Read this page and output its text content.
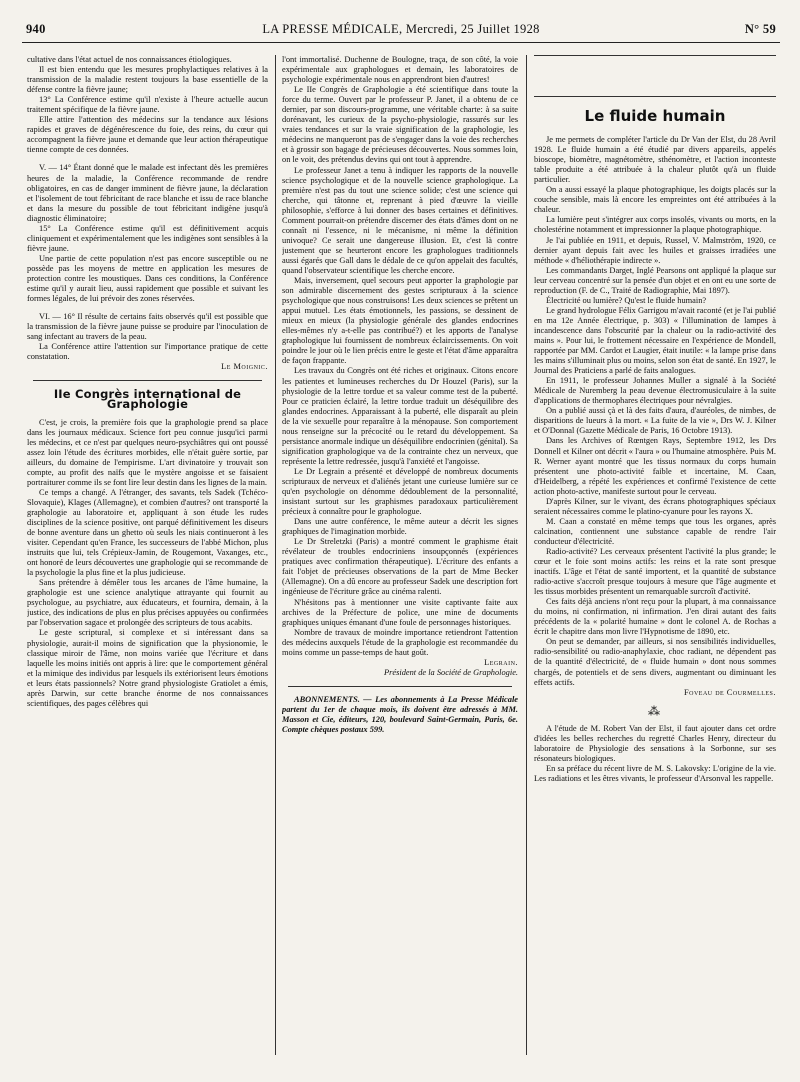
940	LA PRESSE MÉDICALE, Mercredi, 25 Juillet 1928	N° 59

cultative dans l'état actuel de nos connaissances étiologiques.

Il est bien entendu que les mesures prophylactiques relatives à la transmission de la maladie restent toujours la base essentielle de la défense contre la fièvre jaune;

13° La Conférence estime qu'il n'existe à l'heure actuelle aucun traitement spécifique de la fièvre jaune.

Elle attire l'attention des médecins sur la tendance aux lésions rapides et graves de dégénérescence du foie, des reins, du cœur qui accompagnent la fièvre jaune et demande que leur action thérapeutique tienne compte de ces données.

V. — 14° Étant donné que le malade est infectant dès les premières heures de la maladie, la Conférence recommande de rendre obligatoires, en cas de danger imminent de fièvre jaune, la déclaration et l'isolement de tout fébricitant de race blanche et issu de race blanche et dans la mesure du possible de tout fébricitant indigène jusqu'à diagnostic éliminatoire;

15° La Conférence estime qu'il est définitivement acquis cliniquement et expérimentalement que les indigènes sont sensibles à la fièvre jaune.

Une partie de cette population n'est pas encore susceptible ou ne possède pas les moyens de mettre en application les mesures de protection contre les moustiques. Dans ces conditions, la Conférence estime qu'il y aurait lieu, aussi rapidement que possible et suivant les formes légales, de lui prévoir des zones réservées.

VI. — 16° Il résulte de certains faits observés qu'il est possible que la transmission de la fièvre jaune puisse se produire par l'inoculation de sang infectant au travers de la peau.

La Conférence attire l'attention sur l'importance pratique de cette constatation.

Le Moignic.
IIe Congrès international de Graphologie

C'est, je crois, la première fois que la graphologie prend sa place dans les journaux médicaux. Science fort peu connue jusqu'ici parmi les médecins, et ce n'est par quelques neuro-psychiâtres qui ont poussé assez loin l'étude des écritures morbides, elle n'était guère sortie, par ailleurs, du domaine de l'empirisme. L'art divinatoire y trouvait son compte, au profit des naïfs que le mystère angoisse et se faisaient portraiturer comme ils se font lire leur destin dans les lignes de la main.

Ce temps a changé. A l'étranger, des savants, tels Sadek (Tchéco-Slovaquie), Klages (Allemagne), et combien d'autres? ont transporté la graphologie au laboratoire et, appliquant à son étude les rudes disciplines de la science positive, ont parqué définitivement les diseurs de bonne aventure dans un ghetto où seuls les niais continueront à les visiter. Cependant qu'en France, les successeurs de l'abbé Michon, plus instruits que lui, tels Crépieux-Jamin, de Rougemont, Vaxanges, etc., ont honoré de leurs découvertes une graphologie qui se recommande de la psychologie la plus fine et la plus judicieuse.

Sans prétendre à démêler tous les arcanes de l'âme humaine, la graphologie est une science analytique attrayante qui fournit au psychologue, au psychiatre, aux éducateurs, et fournira, demain, à la justice, des indications de plus en plus précises appuyées ou confirmées par l'observation sagace et prolongée des scripteurs de tous acabits.

Le geste scriptural, si complexe et si intéressant dans sa physiologie, aurait-il moins de signification que la physionomie, le classique miroir de l'âme, non moins variée que l'écriture et dans laquelle les moins initiés ont appris à lire: que le comportement général et la mimique des individus par lesquels ils extériorisent leurs émotions et leurs états passionnels? Notre grand physiologiste Gratiolet a émis, après Darwin, sur cette branche énorme de nos connaissances scientifiques, des pages célèbres qui

l'ont immortalisé. Duchenne de Boulogne, traça, de son côté, la voie expérimentale aux graphologues et demain, les laboratoires de psychologie expérimentale nous en apprendront bien d'autres!

Le IIe Congrès de Graphologie a été scientifique dans toute la force du terme. Ouvert par le professeur P. Janet, il a obtenu de ce dernier, par son discours-programme, une véritable charte: à sa suite dorénavant, les curieux de la psycho-physiologie, rassurés sur les vraies tendances et sur la vraie signification de la graphologie, les médecins ne manqueront pas de s'engager dans la voie des recherches et à grossir son bagage de précieuses découvertes. Nous sommes loin, on le voit, des prétendus devins qui ont tout à apprendre.

Le professeur Janet a tenu à indiquer les rapports de la nouvelle science psychologique et de la nouvelle science graphologique. La première n'est pas du tout une science solide; c'est une science qui cherche, qui tâtonne et, reprenant à pied d'œuvre la vieille philosophie, s'efforce à lui donner des bases certaines et définitives. Comment pourrait-on prétendre discerner des états d'âmes dont on ne connaît ni l'essence, ni le mécanisme, ni même la définition univoque? Ce serait une dangereuse illusion. Et, c'est là contre justement que se heurteront encore les graphologues traditionnels aussi égarés que Gall dans le dédale de ce qu'on appelait des facultés, quand l'observateur scientifique les cherche encore.

Mais, inversement, quel secours peut apporter la graphologie par son admirable discernement des gestes scripturaux à la science psychologique que nous construisons! Les deux sciences se prêtent un appui mutuel. Les états émotionnels, les passions, se dessinent de mieux en mieux (la physiologie générale des glandes endocrines elles-mêmes n'y a-t-elle pas contribué?) et les apports de l'analyse graphologique lui fournissent de nombreux éclaircissements. On voit poindre le jour où le lien précis entre le geste et l'état d'âme apparaîtra de façon frappante.

Les travaux du Congrès ont été riches et originaux. Citons encore les patientes et lumineuses recherches du Dr Houzel (Paris), sur la physiologie de la lettre tordue et sa valeur comme test de la puberté. Pour ce praticien éclairé, la lettre tordue traduit un déséquilibre des glandes endocrines. Apparaissant à la puberté, elle disparaît au plein de la vie sexuelle pour reparaître à la ménopause. Son comportement nous renseigne sur la précocité ou le retard du développement. Sa persistance anormale indique un déséquilibre endocrinien (génital). Sa signification graphologique va de la contrainte chez un nerveux, que représente la lettre redressée, jusqu'à l'anxiété et l'angoisse.

Le Dr Legrain a présenté et développé de nombreux documents scripturaux de nerveux et d'aliénés jetant une curieuse lumière sur ce qu'en psychologie on dénomme dédoublement de la personnalité, insistant surtout sur les graphismes paradoxaux particulièrement précieux à connaître pour le graphologue.

Dans une autre conférence, le même auteur a décrit les signes graphiques de l'imagination morbide.

Le Dr Streletzki (Paris) a montré comment le graphisme était révélateur de troubles endocriniens insoupçonnés (expériences pratiques avec confirmation thérapeutique). L'écriture des enfants a fait l'objet de précieuses observations de la part de Mme Becker (Allemagne). On a dû encore au professeur Sadek une description fort ingénieuse de l'écriture grâce au cinéma ralenti.

N'hésitons pas à mentionner une visite captivante faite aux archives de la Préfecture de police, une mine de documents graphiques uniques émanant d'une foule de personnages historiques.

Nombre de travaux de moindre importance retiendront l'attention des médecins auxquels l'étude de la graphologie est recommandée du moins comme un passe-temps de haut goût.

Legrain.
Président de la Société de Graphologie.

ABONNEMENTS. — Les abonnements à La Presse Médicale partent du 1er de chaque mois, ils doivent être adressés à MM. Masson et Cie, éditeurs, 120, boulevard Saint-Germain, Paris, 6e. Compte chèques postaux 599.

Le fluide humain

Je me permets de compléter l'article du Dr Van der Elst, du 28 Avril 1928. Le fluide humain a été étudié par divers appareils, appelés bioscope, biomètre, magnétomètre, sthénomètre, et l'action inconteste table produite a été attribuée à la chaleur plutôt qu'à un fluide particulier.

On a aussi essayé la plaque photographique, les doigts placés sur la couche sensible, mais là encore les empreintes ont été attribuées à la chaleur.

La lumière peut s'intégrer aux corps insolés, vivants ou morts, en la cholestérine notamment et impressionner la plaque photographique.

Je l'ai publiée en 1911, et depuis, Russel, V. Malmström, 1920, ce dernier ayant depuis fait avec les huiles et graisses irradiées une méthode « d'héliothérapie indirecte ».

Les commandants Darget, Inglé Pearsons ont appliqué la plaque sur leur cerveau concentré sur la pensée d'un objet et en ont eu une sorte de reproduction (F. de C., Traité de Radiographie, Mai 1897).

Électricité ou lumière? Qu'est le fluide humain?

Le grand hydrologue Félix Garrigou m'avait raconté (et je l'ai publié en ma 12e Année électrique, p. 303) « l'illumination de lampes à incandescence dans l'obscurité par la chaleur ou la radio-activité des mains ». Pour lui, le frottement nécessaire en l'expérience de Mondell, rapportée par MM. Cardot et Laugier, était inutile: « la lampe prise dans les mains s'illuminait plus ou moins, selon son état de santé. En 1927, le Journal des Praticiens a parlé de faits analogues.

En 1911, le professeur Johannes Muller a signalé à la Société Médicale de Nuremberg la peau devenue électromusiculaire à la suite d'applications de thermophares électriques pour névralgies.

On a publié aussi çà et là des faits d'aura, d'auréoles, de nimbes, de disparitions de lueurs à la mort. « La fuite de la vie », Drs W. J. Kilner et O'Donnal (Gazette Médicale de Paris, 16 Octobre 1913).

Dans les Archives of Rœntgen Rays, Septembre 1912, les Drs Donnell et Kilner ont décrit « l'aura » ou l'humaine atmosphère. Puis M. R. Werner ayant montré que les tissus normaux du corps humain présentent une photo-activité faible et incertaine, M. Caan, d'Heidelberg, a répété les expériences et confirmé l'existence de cette action photo-active, manifeste surtout pour le cerveau.

D'après Kilner, sur le vivant, des écrans photographiques spéciaux seraient nécessaires comme le platino-cyanure pour les rayons X.

M. Caan a constaté en même temps que tous les organes, après calcination, contiennent une substance capable de rendre l'air conducteur d'électricité.

Radio-activité? Les cerveaux présentent l'activité la plus grande; le cœur et le foie sont moins actifs: les reins et la rate sont presque inactifs. L'âge et l'état de santé importent, et la quantité de substance radio-active s'accroît presque toujours à mesure que l'âge augmente et les tissus morbides présentent un remarquable surcroît d'activité.

Ces faits déjà anciens n'ont reçu pour la plupart, à ma connaissance du moins, ni confirmation, ni infirmation. J'en dirai autant des faits précédents de la « polarité humaine » dont le colonel A. de Rochas a écrit le chapitre dans mon livre l'Hypnotisme de 1890, etc.

On peut se demander, par ailleurs, si nos sensibilités individuelles, radio-sensibilité ou radio-anaphylaxie, choc radiant, ne dépendent pas de la quantité d'électricité, de « fluide humain » dont nous sommes chargés, de potentiels et de sens divers, augmentant ou diminuant les effets actifs.

Foveau de Courmelles.
⁂

A l'étude de M. Robert Van der Elst, il faut ajouter dans cet ordre d'idées les belles recherches du regretté Charles Henry, directeur du laboratoire de Physiologie des sensations à la Sorbonne, sur ses résonateurs biologiques.

En sa préface du récent livre de M. S. Lakovsky: L'origine de la vie. Les radiations et les êtres vivants, le professeur d'Arsonval les rappelle.
